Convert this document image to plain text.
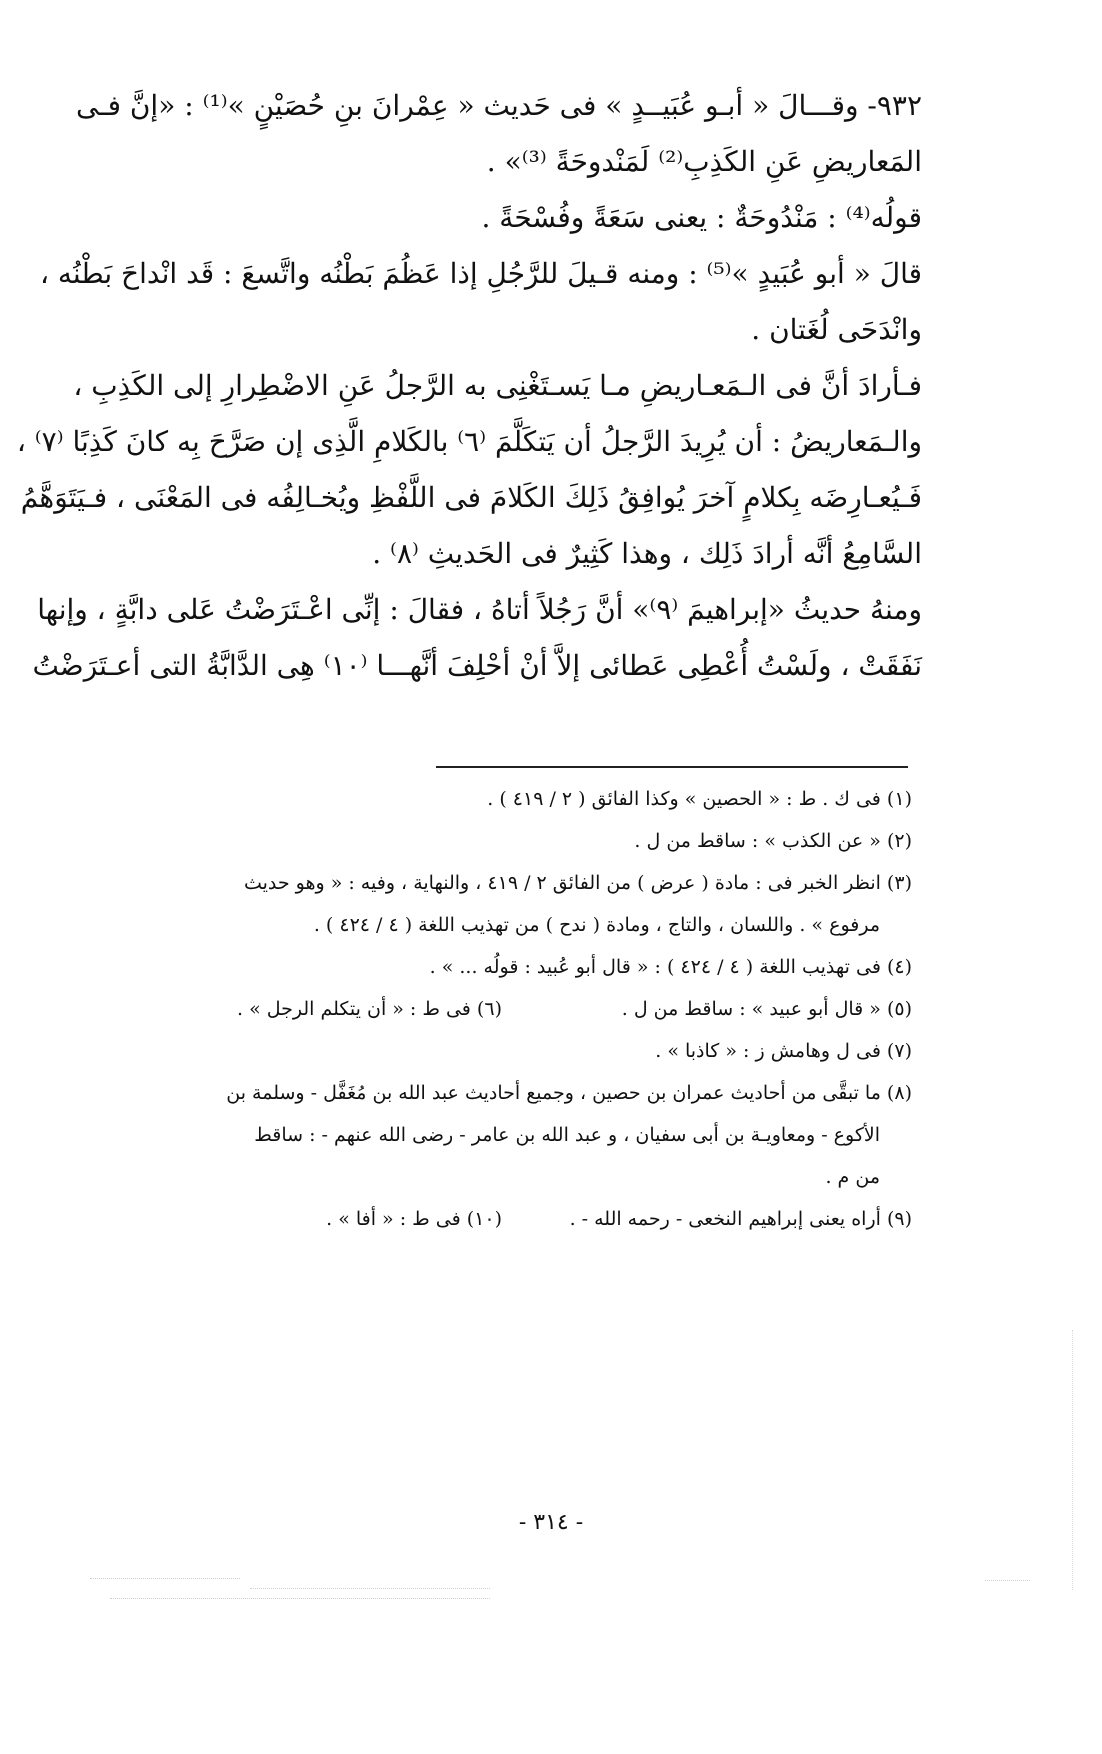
٩٣٢- وقـــالَ « أبـو عُبَيــدٍ » فى حَديث « عِمْرانَ بنِ حُصَيْنٍ »⁽¹⁾ : «إنَّ فـى

المَعاريضِ عَنِ الكَذِبِ⁽²⁾ لَمَنْدوحَةً ⁽³⁾» .

قولُه⁽⁴⁾ : مَنْدُوحَةٌ : يعنى سَعَةً وفُسْحَةً .

قالَ « أبو عُبَيدٍ »⁽⁵⁾ : ومنه قـيلَ للرَّجُلِ إذا عَظُمَ بَطْنُه واتَّسعَ : قَد انْداحَ بَطْنُه ،

وانْدَحَى لُغَتان .

فـأرادَ أنَّ فى الـمَعـاريضِ مـا يَسـتَغْنِى به الرَّجلُ عَنِ الاضْطِرارِ إلى الكَذِبِ ،

والـمَعاريضُ : أن يُرِيدَ الرَّجلُ أن يَتكَلَّمَ ⁽٦⁾ بالكَلامِ الَّذِى إن صَرَّحَ بِه كانَ كَذِبًا ⁽٧⁾ ،

فَـيُعـارِضَه بِكلامٍ آخرَ يُوافِقُ ذَلِكَ الكَلامَ فى اللَّفْظِ ويُخـالِفُه فى المَعْنَى ، فـيَتَوَهَّمُ

السَّامِعُ أنَّه أرادَ ذَلِك ، وهذا كَثِيرٌ فى الحَديثِ ⁽٨⁾ .

ومنهُ حديثُ «إبراهيمَ ⁽٩⁾» أنَّ رَجُلاً أتاهُ ، فقالَ : إنِّى اعْـتَرَضْتُ عَلى دابَّةٍ ، وإنها

نَفَقَتْ ، ولَسْتُ أُعْطِى عَطائى إلاَّ أنْ أحْلِفَ أنَّهـــا ⁽١٠⁾ هِى الدَّابَّةُ التى أعـتَرَضْتُ

(١) فى ك . ط : « الحصين » وكذا الفائق ( ٢ / ٤١٩ ) .

(٢) « عن الكذب » : ساقط من ل .

(٣) انظر الخبر فى : مادة ( عرض ) من الفائق ٢ / ٤١٩ ، والنهاية ، وفيه : « وهو حديث

مرفوع » . واللسان ، والتاج ، ومادة ( ندح ) من تهذيب اللغة ( ٤ / ٤٢٤ ) .

(٤) فى تهذيب اللغة ( ٤ / ٤٢٤ ) : « قال أبو عُبيد : قولُه ... » .

(٥) « قال أبو عبيد » : ساقط من ل .
(٦) فى ط : « أن يتكلم الرجل » .

(٧) فى ل وهامش ز : « كاذبا » .

(٨) ما تبقَّى من أحاديث عمران بن حصين ، وجميع أحاديث عبد الله بن مُغَفَّل - وسلمة بن

الأكوع - ومعاويـة بن أبى سفيان ، و عبد الله بن عامر - رضى الله عنهم - : ساقط

من م .

(٩) أراه يعنى إبراهيم النخعى - رحمه الله - .
(١٠) فى ط : « أفا » .

- ٣١٤ -
